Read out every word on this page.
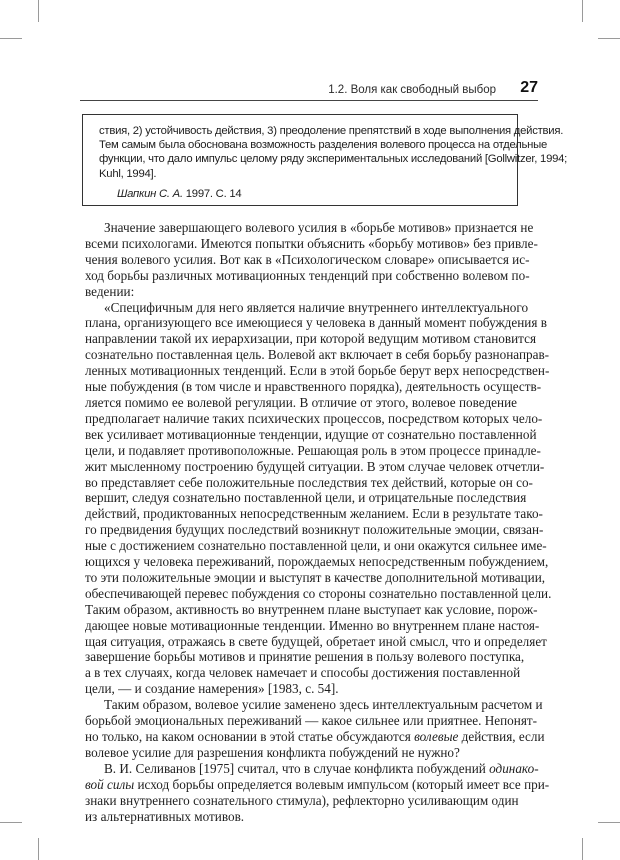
1.2. Воля как свободный выбор 27
ствия, 2) устойчивость действия, 3) преодоление препятствий в ходе выполнения действия.
Тем самым была обоснована возможность разделения волевого процесса на отдельные
функции, что дало импульс целому ряду экспериментальных исследований [Gollwitzer, 1994;
Kuhl, 1994].
Шапкин С. А. 1997. С. 14
Значение завершающего волевого усилия в «борьбе мотивов» признается не
всеми психологами. Имеются попытки объяснить «борьбу мотивов» без привле-
чения волевого усилия. Вот как в «Психологическом словаре» описывается ис-
ход борьбы различных мотивационных тенденций при собственно волевом по-
ведении:
«Специфичным для него является наличие внутреннего интеллектуального
плана, организующего все имеющиеся у человека в данный момент побуждения в
направлении такой их иерархизации, при которой ведущим мотивом становится
сознательно поставленная цель. Волевой акт включает в себя борьбу разнонаправ-
ленных мотивационных тенденций. Если в этой борьбе берут верх непосредствен-
ные побуждения (в том числе и нравственного порядка), деятельность осуществ-
ляется помимо ее волевой регуляции. В отличие от этого, волевое поведение
предполагает наличие таких психических процессов, посредством которых чело-
век усиливает мотивационные тенденции, идущие от сознательно поставленной
цели, и подавляет противоположные. Решающая роль в этом процессе принадле-
жит мысленному построению будущей ситуации. В этом случае человек отчетли-
во представляет себе положительные последствия тех действий, которые он со-
вершит, следуя сознательно поставленной цели, и отрицательные последствия
действий, продиктованных непосредственным желанием. Если в результате тако-
го предвидения будущих последствий возникнут положительные эмоции, связан-
ные с достижением сознательно поставленной цели, и они окажутся сильнее име-
ющихся у человека переживаний, порождаемых непосредственным побуждением,
то эти положительные эмоции и выступят в качестве дополнительной мотивации,
обеспечивающей перевес побуждения со стороны сознательно поставленной цели.
Таким образом, активность во внутреннем плане выступает как условие, порож-
дающее новые мотивационные тенденции. Именно во внутреннем плане настоя-
щая ситуация, отражаясь в свете будущей, обретает иной смысл, что и определяет
завершение борьбы мотивов и принятие решения в пользу волевого поступка,
а в тех случаях, когда человек намечает и способы достижения поставленной
цели, — и создание намерения» [1983, с. 54].
Таким образом, волевое усилие заменено здесь интеллектуальным расчетом и
борьбой эмоциональных переживаний — какое сильнее или приятнее. Непонят-
но только, на каком основании в этой статье обсуждаются волевые действия, если
волевое усилие для разрешения конфликта побуждений не нужно?
В. И. Селиванов [1975] считал, что в случае конфликта побуждений одинако-
вой силы исход борьбы определяется волевым импульсом (который имеет все при-
знаки внутреннего сознательного стимула), рефлекторно усиливающим один
из альтернативных мотивов.
